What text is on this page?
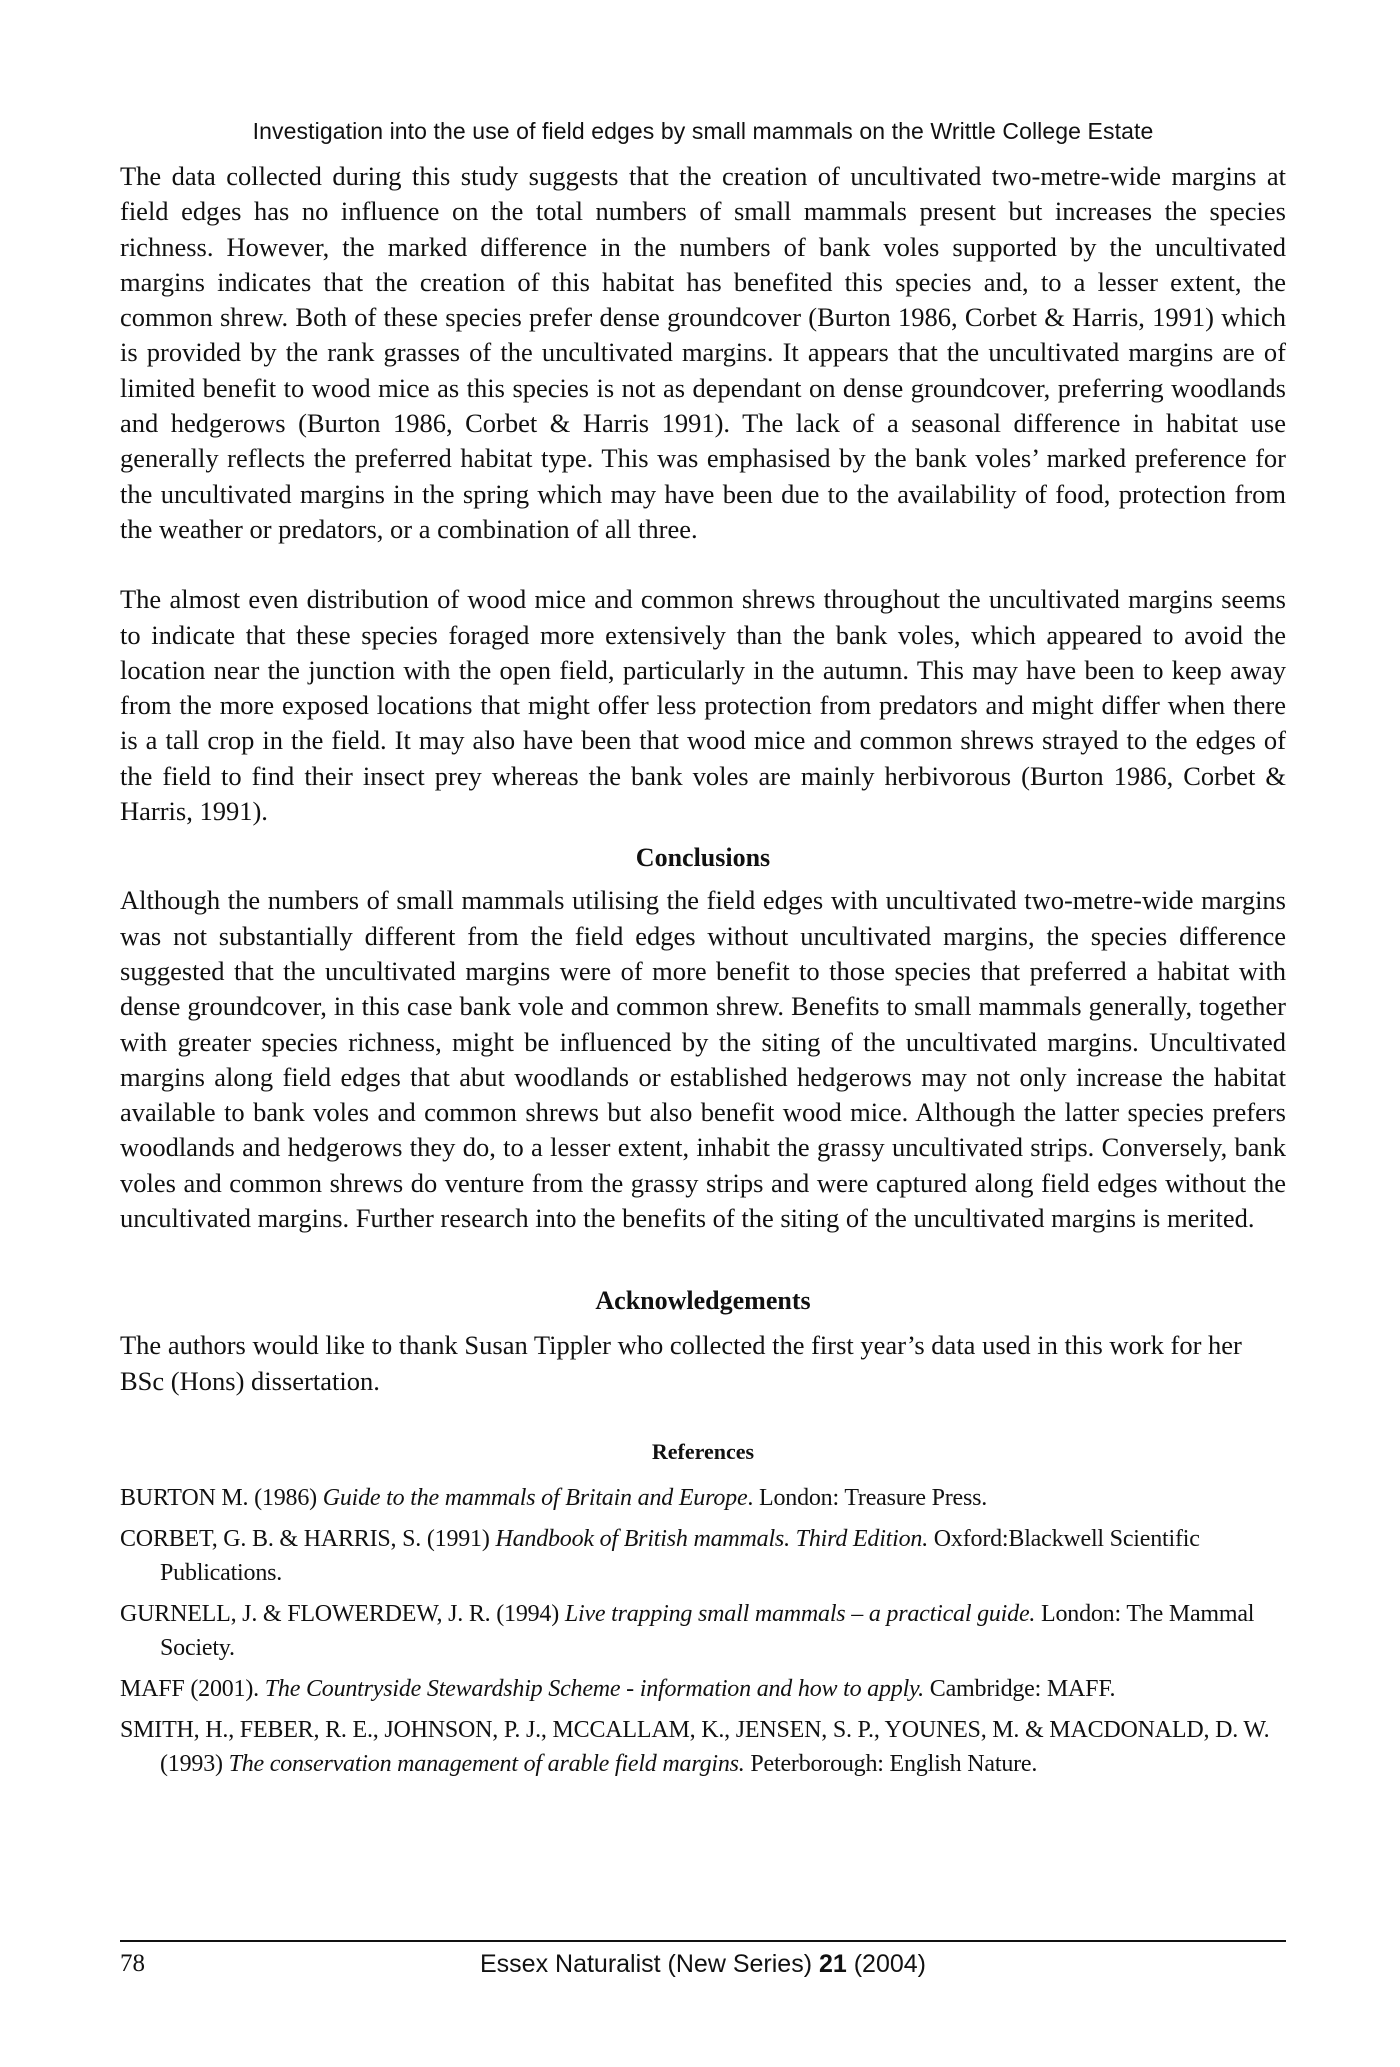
Investigation into the use of field edges by small mammals on the Writtle College Estate

The data collected during this study suggests that the creation of uncultivated two-metre-wide margins at field edges has no influence on the total numbers of small mammals present but increases the species richness. However, the marked difference in the numbers of bank voles supported by the uncultivated margins indicates that the creation of this habitat has benefited this species and, to a lesser extent, the common shrew. Both of these species prefer dense groundcover (Burton 1986, Corbet & Harris, 1991) which is provided by the rank grasses of the uncultivated margins. It appears that the uncultivated margins are of limited benefit to wood mice as this species is not as dependant on dense groundcover, preferring woodlands and hedgerows (Burton 1986, Corbet & Harris 1991). The lack of a seasonal difference in habitat use generally reflects the preferred habitat type. This was emphasised by the bank voles’ marked preference for the uncultivated margins in the spring which may have been due to the availability of food, protection from the weather or predators, or a combination of all three.

The almost even distribution of wood mice and common shrews throughout the uncultivated margins seems to indicate that these species foraged more extensively than the bank voles, which appeared to avoid the location near the junction with the open field, particularly in the autumn. This may have been to keep away from the more exposed locations that might offer less protection from predators and might differ when there is a tall crop in the field. It may also have been that wood mice and common shrews strayed to the edges of the field to find their insect prey whereas the bank voles are mainly herbivorous (Burton 1986, Corbet & Harris, 1991).

Conclusions

Although the numbers of small mammals utilising the field edges with uncultivated two-metre-wide margins was not substantially different from the field edges without uncultivated margins, the species difference suggested that the uncultivated margins were of more benefit to those species that preferred a habitat with dense groundcover, in this case bank vole and common shrew. Benefits to small mammals generally, together with greater species richness, might be influenced by the siting of the uncultivated margins. Uncultivated margins along field edges that abut woodlands or established hedgerows may not only increase the habitat available to bank voles and common shrews but also benefit wood mice. Although the latter species prefers woodlands and hedgerows they do, to a lesser extent, inhabit the grassy uncultivated strips. Conversely, bank voles and common shrews do venture from the grassy strips and were captured along field edges without the uncultivated margins. Further research into the benefits of the siting of the uncultivated margins is merited.

Acknowledgements

The authors would like to thank Susan Tippler who collected the first year’s data used in this work for her BSc (Hons) dissertation.

References
BURTON M. (1986) Guide to the mammals of Britain and Europe. London: Treasure Press.
CORBET, G. B. & HARRIS, S. (1991) Handbook of British mammals. Third Edition. Oxford:Blackwell Scientific Publications.
GURNELL, J. & FLOWERDEW, J. R. (1994) Live trapping small mammals – a practical guide. London: The Mammal Society.
MAFF (2001). The Countryside Stewardship Scheme - information and how to apply. Cambridge: MAFF.
SMITH, H., FEBER, R. E., JOHNSON, P. J., MCCALLAM, K., JENSEN, S. P., YOUNES, M. & MACDONALD, D. W. (1993) The conservation management of arable field margins. Peterborough: English Nature.
78	Essex Naturalist (New Series) 21 (2004)
